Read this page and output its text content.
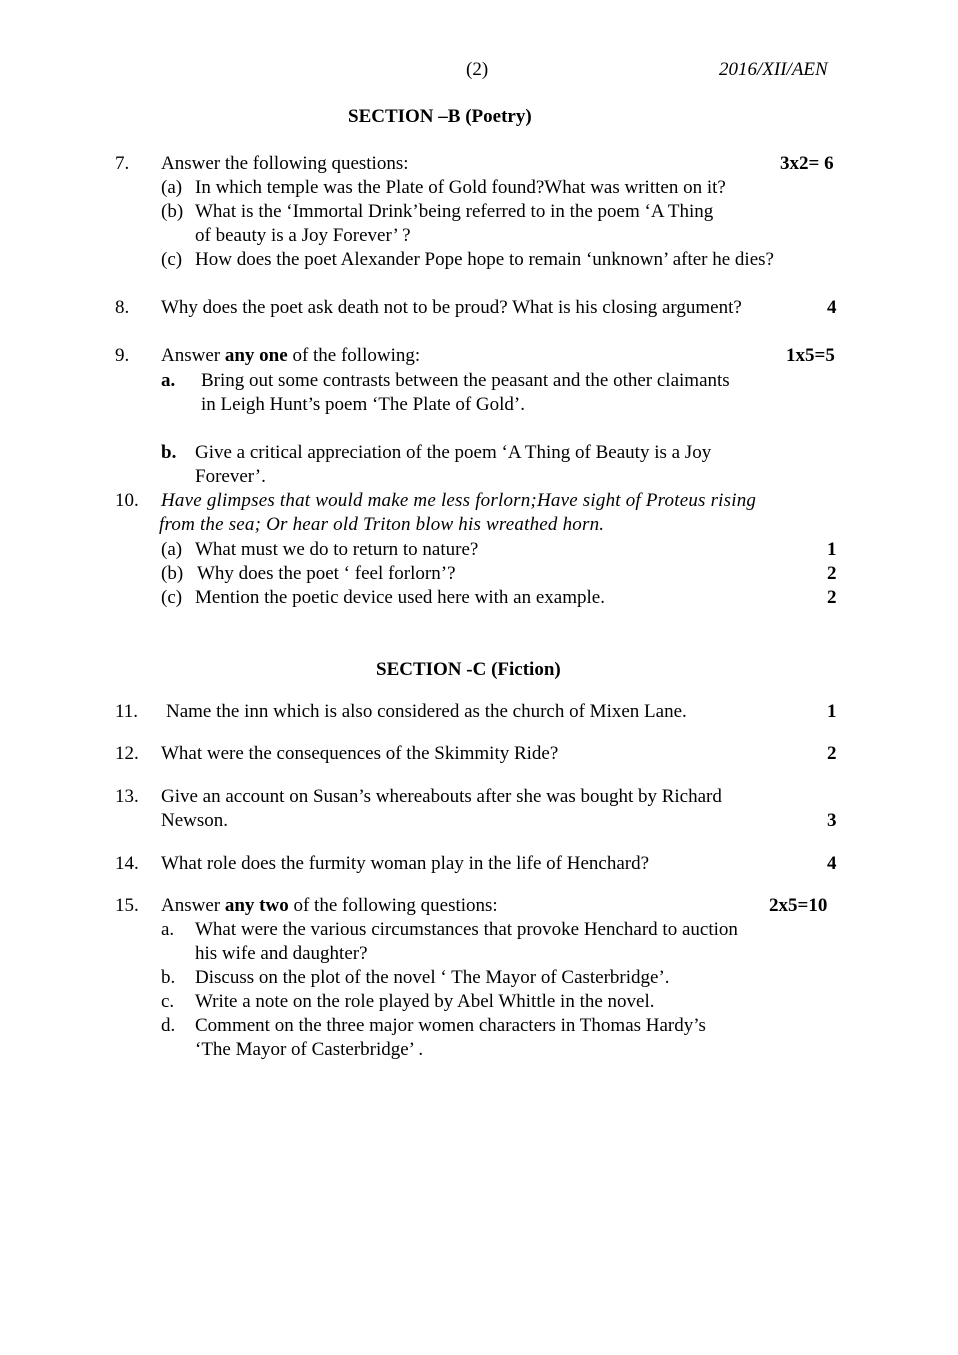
(2)	2016/XII/AEN
SECTION –B (Poetry)
7. Answer the following questions:	3x2= 6
(a) In which temple was the Plate of Gold found?What was written on it?
(b) What is the ‘Immortal Drink’being referred to in the poem ‘A Thing
of beauty is a Joy Forever’ ?
(c) How does the poet Alexander Pope hope to remain ‘unknown’ after he dies?
8. Why does the poet ask death not to be proud? What is his closing argument?	4
9. Answer any one of the following:	1x5=5
a. Bring out some contrasts between the peasant and the other claimants
in Leigh Hunt’s poem ‘The Plate of Gold’.
b. Give a critical appreciation of the poem ‘A Thing of Beauty is a Joy
Forever’.
10. Have glimpses that would make me less forlorn;Have sight of Proteus rising
from the sea; Or hear old Triton blow his wreathed horn.
(a) What must we do to return to nature?	1
(b) Why does the poet ‘ feel forlorn’?	2
(c) Mention the poetic device used here with an example.	2
SECTION -C (Fiction)
11. Name the inn which is also considered as the church of Mixen Lane.	1
12. What were the consequences of the Skimmity Ride?	2
13. Give an account on Susan’s whereabouts after she was bought by Richard
Newson.	3
14. What role does the furmity woman play in the life of Henchard?	4
15. Answer any two of the following questions:	2x5=10
a. What were the various circumstances that provoke Henchard to auction
his wife and daughter?
b. Discuss on the plot of the novel ‘ The Mayor of Casterbridge’.
c. Write a note on the role played by Abel Whittle in the novel.
d. Comment on the three major women characters in Thomas Hardy’s
‘The Mayor of Casterbridge’ .
